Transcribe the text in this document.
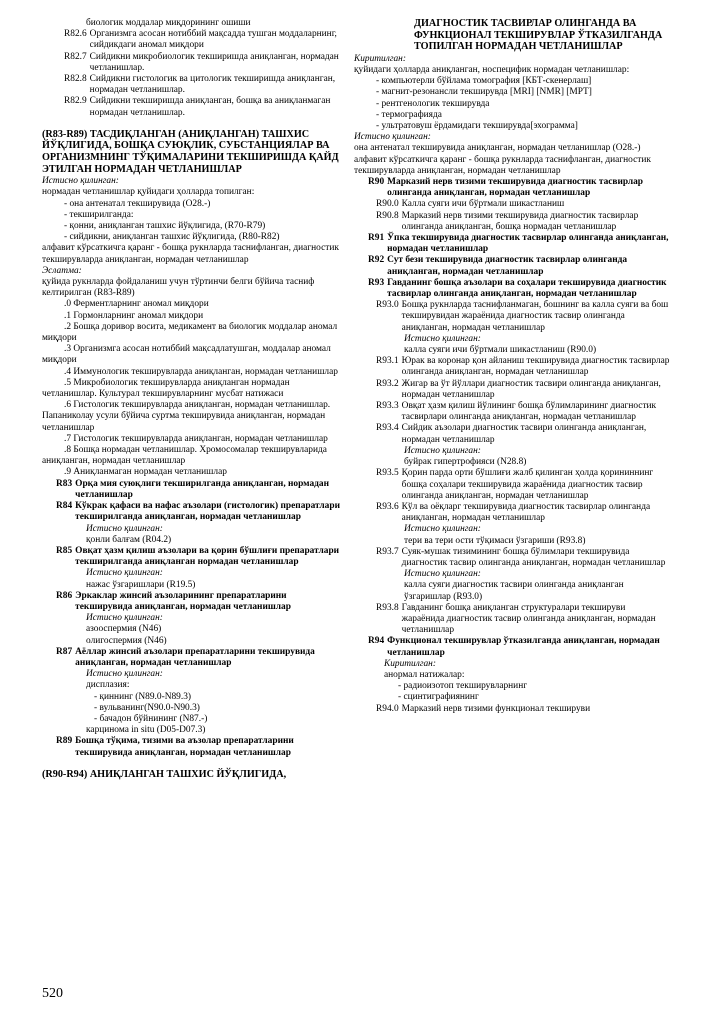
биологик моддалар миқдорининг ошиши
R82.6 Организмга асосан нотиббий мақсадда тушган моддаларнинг, сийдикдаги аномал миқдори
R82.7 Сийдикни микробиологик текширишда аниқланган, нормадан четланишлар.
R82.8 Сийдикни гистологик ва цитологик текширишда аниқланган, нормадан четланишлар.
R82.9 Сийдикни текширишда аниқланган, бошқа ва аниқланмаган нормадан четланишлар.
(R83-R89) ТАСДИҚЛАНГАН (АНИҚЛАНГАН) ТАШХИС ЙЎҚЛИГИДА, БОШҚА СУЮҚЛИК, СУБСТАНЦИЯЛАР ВА ОРГАНИЗМНИНГ ТЎҚИМАЛАРИНИ ТЕКШИРИШДА ҚАЙД ЭТИЛГАН НОРМАДАН ЧЕТЛАНИШЛАР
Истисно қилинган:
нормадан четланишлар қуйидаги ҳолларда топилган:
- она антенатал текширувида (O28.-)
- текширилганда:
- қонни, аниқланган ташхис йўқлигида, (R70-R79)
- сийдикни, аниқланган ташхис йўқлигида, (R80-R82)
алфавит кўрсаткичга қаранг - бошқа рукнларда таснифланган, диагностик текширувларда аниқланган, нормадан четланишлар
Эслатма:
қуйида рукнларда фойдаланиш учун тўртинчи белги бўйича тасниф келтирилган (R83-R89)
.0 Ферментларнинг аномал миқдори
.1 Гормонларнинг аномал миқдори
.2 Бошқа доривор восита, медикамент ва биологик моддалар аномал миқдори
.3 Организмга асосан нотиббий мақсадлатушган, моддалар аномал миқдори
.4 Иммунологик текширувларда аниқланган, нормадан четланишлар
.5 Микробиологик текширувларда аниқланган нормадан четланишлар. Культурал текширувларнинг мусбат натижаси
.6 Гистологик текширувларда аниқланган, нормадан четланишлар. Папаниколау усули бўйича суртма текширувида аниқланган, нормадан четланишлар
.7 Гистологик текширувларда аниқланган, нормадан четланишлар
.8 Бошқа нормадан четланишлар. Хромосомалар текширувларида аниқланган, нормадан четланишлар
.9 Аниқланмаган нормадан четланишлар
R83 Орқа мия суюқлиги текширилганда аниқланган, нормадан четланишлар
R84 Кўкрак қафаси ва нафас аъзолари (гистологик) препаратлари текширилганда аниқланган, нормадан четланишлар
Истисно қилинган:
қонли балғам (R04.2)
R85 Овқат ҳазм қилиш аъзолари ва қорин бўшлиғи препаратлари текширилганда аниқланган нормадан четланишлар
Истисно қилинган:
нажас ўзгаришлари (R19.5)
R86 Эркаклар жинсий аъзоларининг препаратларини текширувида аниқланган, нормадан четланишлар
Истисно қилинган:
азооспермия (N46)
олигоспермия (N46)
R87 Аёллар жинсий аъзолари препаратларини текширувида аниқланган, нормадан четланишлар
Истисно қилинган:
дисплазия:
- қиннинг (N89.0-N89.3)
- вульванинг(N90.0-N90.3)
- бачадон бўйнининг (N87.-)
карцинома in situ (D05-D07.3)
R89 Бошқа тўқима, тизими ва аъзолар препаратларини текширувида аниқланган, нормадан четланишлар
(R90-R94) АНИҚЛАНГАН ТАШХИС ЙЎҚЛИГИДА,
ДИАГНОСТИК ТАСВИРЛАР ОЛИНГАНДА ВА ФУНКЦИОНАЛ ТЕКШИРУВЛАР ЎТКАЗИЛГАНДА ТОПИЛГАН НОРМАДАН ЧЕТЛАНИШЛАР
Киритилган:
қуйидаги ҳолларда аниқланган, носпецифик нормадан четланишлар:
- компьютерли бўйлама томография [КБТ-скенерлаш]
- магнит-резонансли текширувда [MRI] [NMR] [MPT]
- рентгенологик текширувда
- термографияда
- ультратовуш ёрдамидаги текширувда[эхограмма]
Истисно қилинган:
она антенатал текширувида аниқланган, нормадан четланишлар (O28.-)
алфавит кўрсаткичга қаранг - бошқа рукнларда таснифланган, диагностик текширувларда аниқланган, нормадан четланишлар
R90 Марказий нерв тизими текширувида диагностик тасвирлар олинганда аниқланган, нормадан четланишлар
R90.0 Калла суяги ичи бўртмали шикастланиш
R90.8 Марказий нерв тизими текширувида диагностик тасвирлар олинганда аниқланган, бошқа нормадан четланишлар
R91 Ўпка текширувида диагностик тасвирлар олинганда аниқланган, нормадан четланишлар
R92 Сут бези текширувида диагностик тасвирлар олинганда аниқланган, нормадан четланишлар
R93 Гавданинг бошқа аъзолари ва соҳалари текширувида диагностик тасвирлар олинганда аниқланган, нормадан четланишлар
R93.0 Бошқа рукнларда таснифланмаган, бошнинг ва калла суяги ва бош текширувидан жараёнида диагностик тасвир олинганда аниқланган, нормадан четланишлар
Истисно қилинган:
калла суяги ичи бўртмали шикастланиш (R90.0)
R93.1 Юрак ва коронар қон айланиш текширувида диагностик тасвирлар олинганда аниқланган, нормадан четланишлар
R93.2 Жигар ва ўт йўллари диагностик тасвири олинганда аниқланган, нормадан четланишлар
R93.3 Овқат ҳазм қилиш йўлининг бошқа бўлимларининг диагностик тасвирлари олинганда аниқланган, нормадан четланишлар
R93.4 Сийдик аъзолари диагностик тасвири олинганда аниқланган, нормадан четланишлар
Истисно қилинган:
буйрак гипертрофияси (N28.8)
R93.5 Қорин парда орти бўшлиғи жалб қилинган ҳолда қорининнинг бошқа соҳалари текширувида жараёнида диагностик тасвир олинганда аниқланган, нормадан четланишлар
R93.6 Кўл ва оёқларг текширувида диагностик тасвирлар олинганда аниқланган, нормадан четланишлар
Истисно қилинган:
тери ва тери ости тўқимаси ўзгариши (R93.8)
R93.7 Суяк-мушак тизимининг бошқа бўлимлари текширувида диагностик тасвир олинганда аниқланган, нормадан четланишлар
Истисно қилинган:
калла суяги диагностик тасвири олинганда аниқланган ўзгаришлар (R93.0)
R93.8 Гавданинг бошқа аниқланган структуралари текшируви жараёнида диагностик тасвир олинганда аниқланган, нормадан четланишлар
R94 Функционал текширувлар ўтказилганда аниқланган, нормадан четланишлар
Киритилган:
анормал натижалар:
- радиоизотоп текширувларнинг
- сцинтиграфиянинг
R94.0 Марказий нерв тизими функционал текшируви
520
